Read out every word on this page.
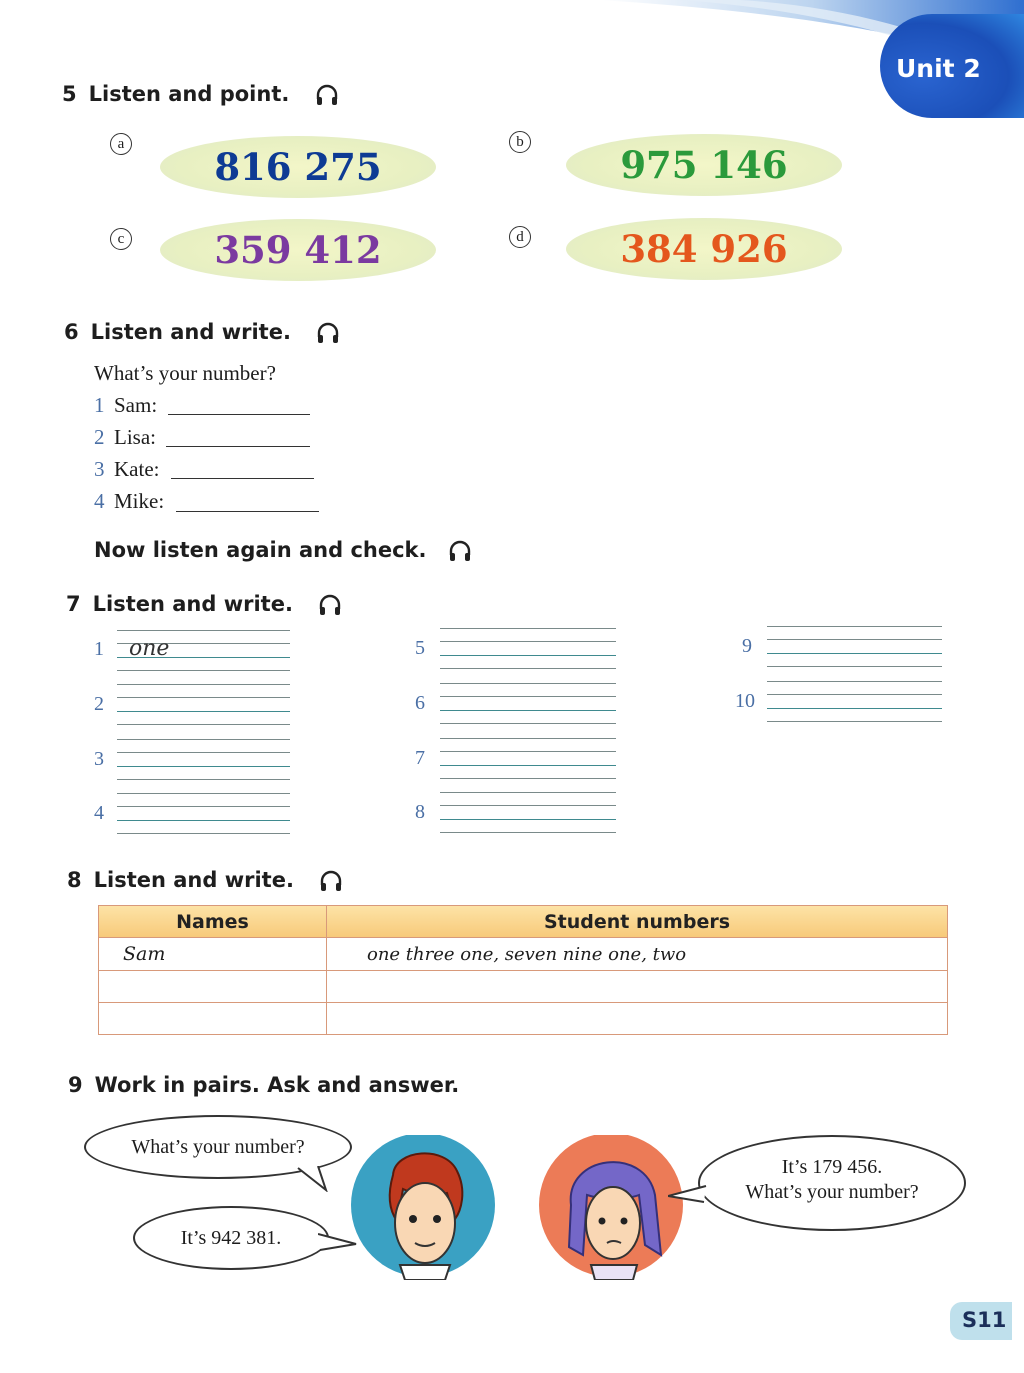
Unit 2
5 Listen and point.
a
816 275
b
975 146
c	359 412	d	384 926
6 Listen and write.
What’s your number?
1 Sam:
2 Lisa:
3 Kate:
4 Mike:
Now listen again and check.
7 Listen and write.
1 one
2
3
4
5
6
7
8
9
10
8 Listen and write.
Names	Student numbers
Sam	one three one, seven nine one, two

9 Work in pairs. Ask and answer.
What’s your number?
It’s 942 381.
It’s 179 456.
What’s your number?
S11
